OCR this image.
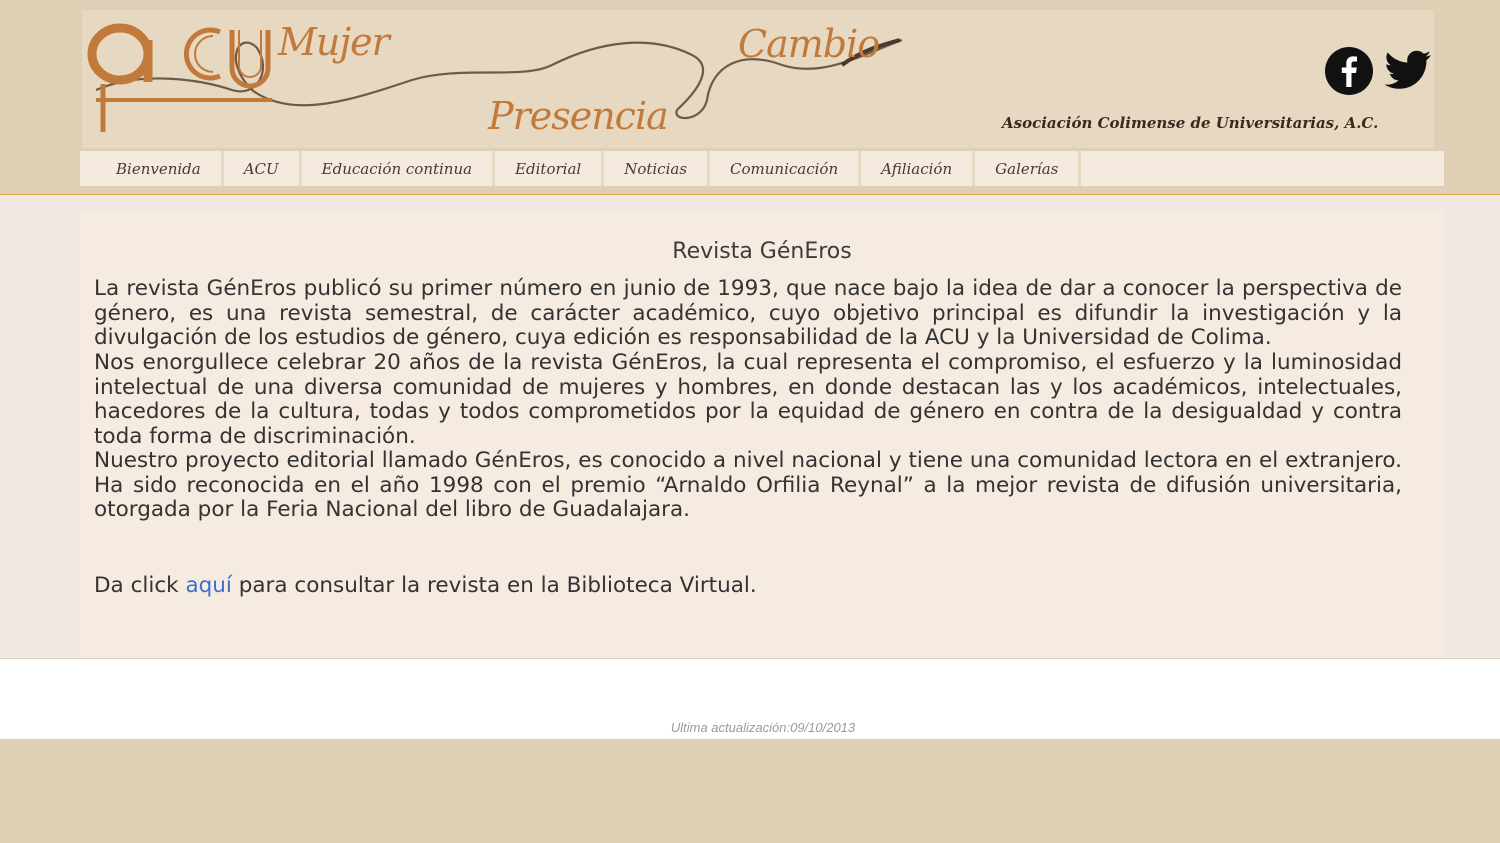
Mujer
Presencia
Cambio
Asociación Colimense de Universitarias, A.C.
Bienvenida	ACU	Educación continua	Editorial	Noticias	Comunicación	Afiliación	Galerías
Revista GénEros
La revista GénEros publicó su primer número en junio de 1993, que nace bajo la idea de dar a conocer la perspectiva de género, es una revista semestral, de carácter académico, cuyo objetivo principal es difundir la investigación y la divulgación de los estudios de género, cuya edición es responsabilidad de la ACU y la Universidad de Colima.
Nos enorgullece celebrar 20 años de la revista GénEros, la cual representa el compromiso, el esfuerzo y la luminosidad intelectual de una diversa comunidad de mujeres y hombres, en donde destacan las y los académicos, intelectuales, hacedores de la cultura, todas y todos comprometidos por la equidad de género en contra de la desigualdad y contra toda forma de discriminación.
Nuestro proyecto editorial llamado GénEros, es conocido a nivel nacional y tiene una comunidad lectora en el extranjero. Ha sido reconocida en el año 1998 con el premio “Arnaldo Orfilia Reynal” a la mejor revista de difusión universitaria, otorgada por la Feria Nacional del libro de Guadalajara.
Da click aquí para consultar la revista en la Biblioteca Virtual.
Ultima actualización:09/10/2013
